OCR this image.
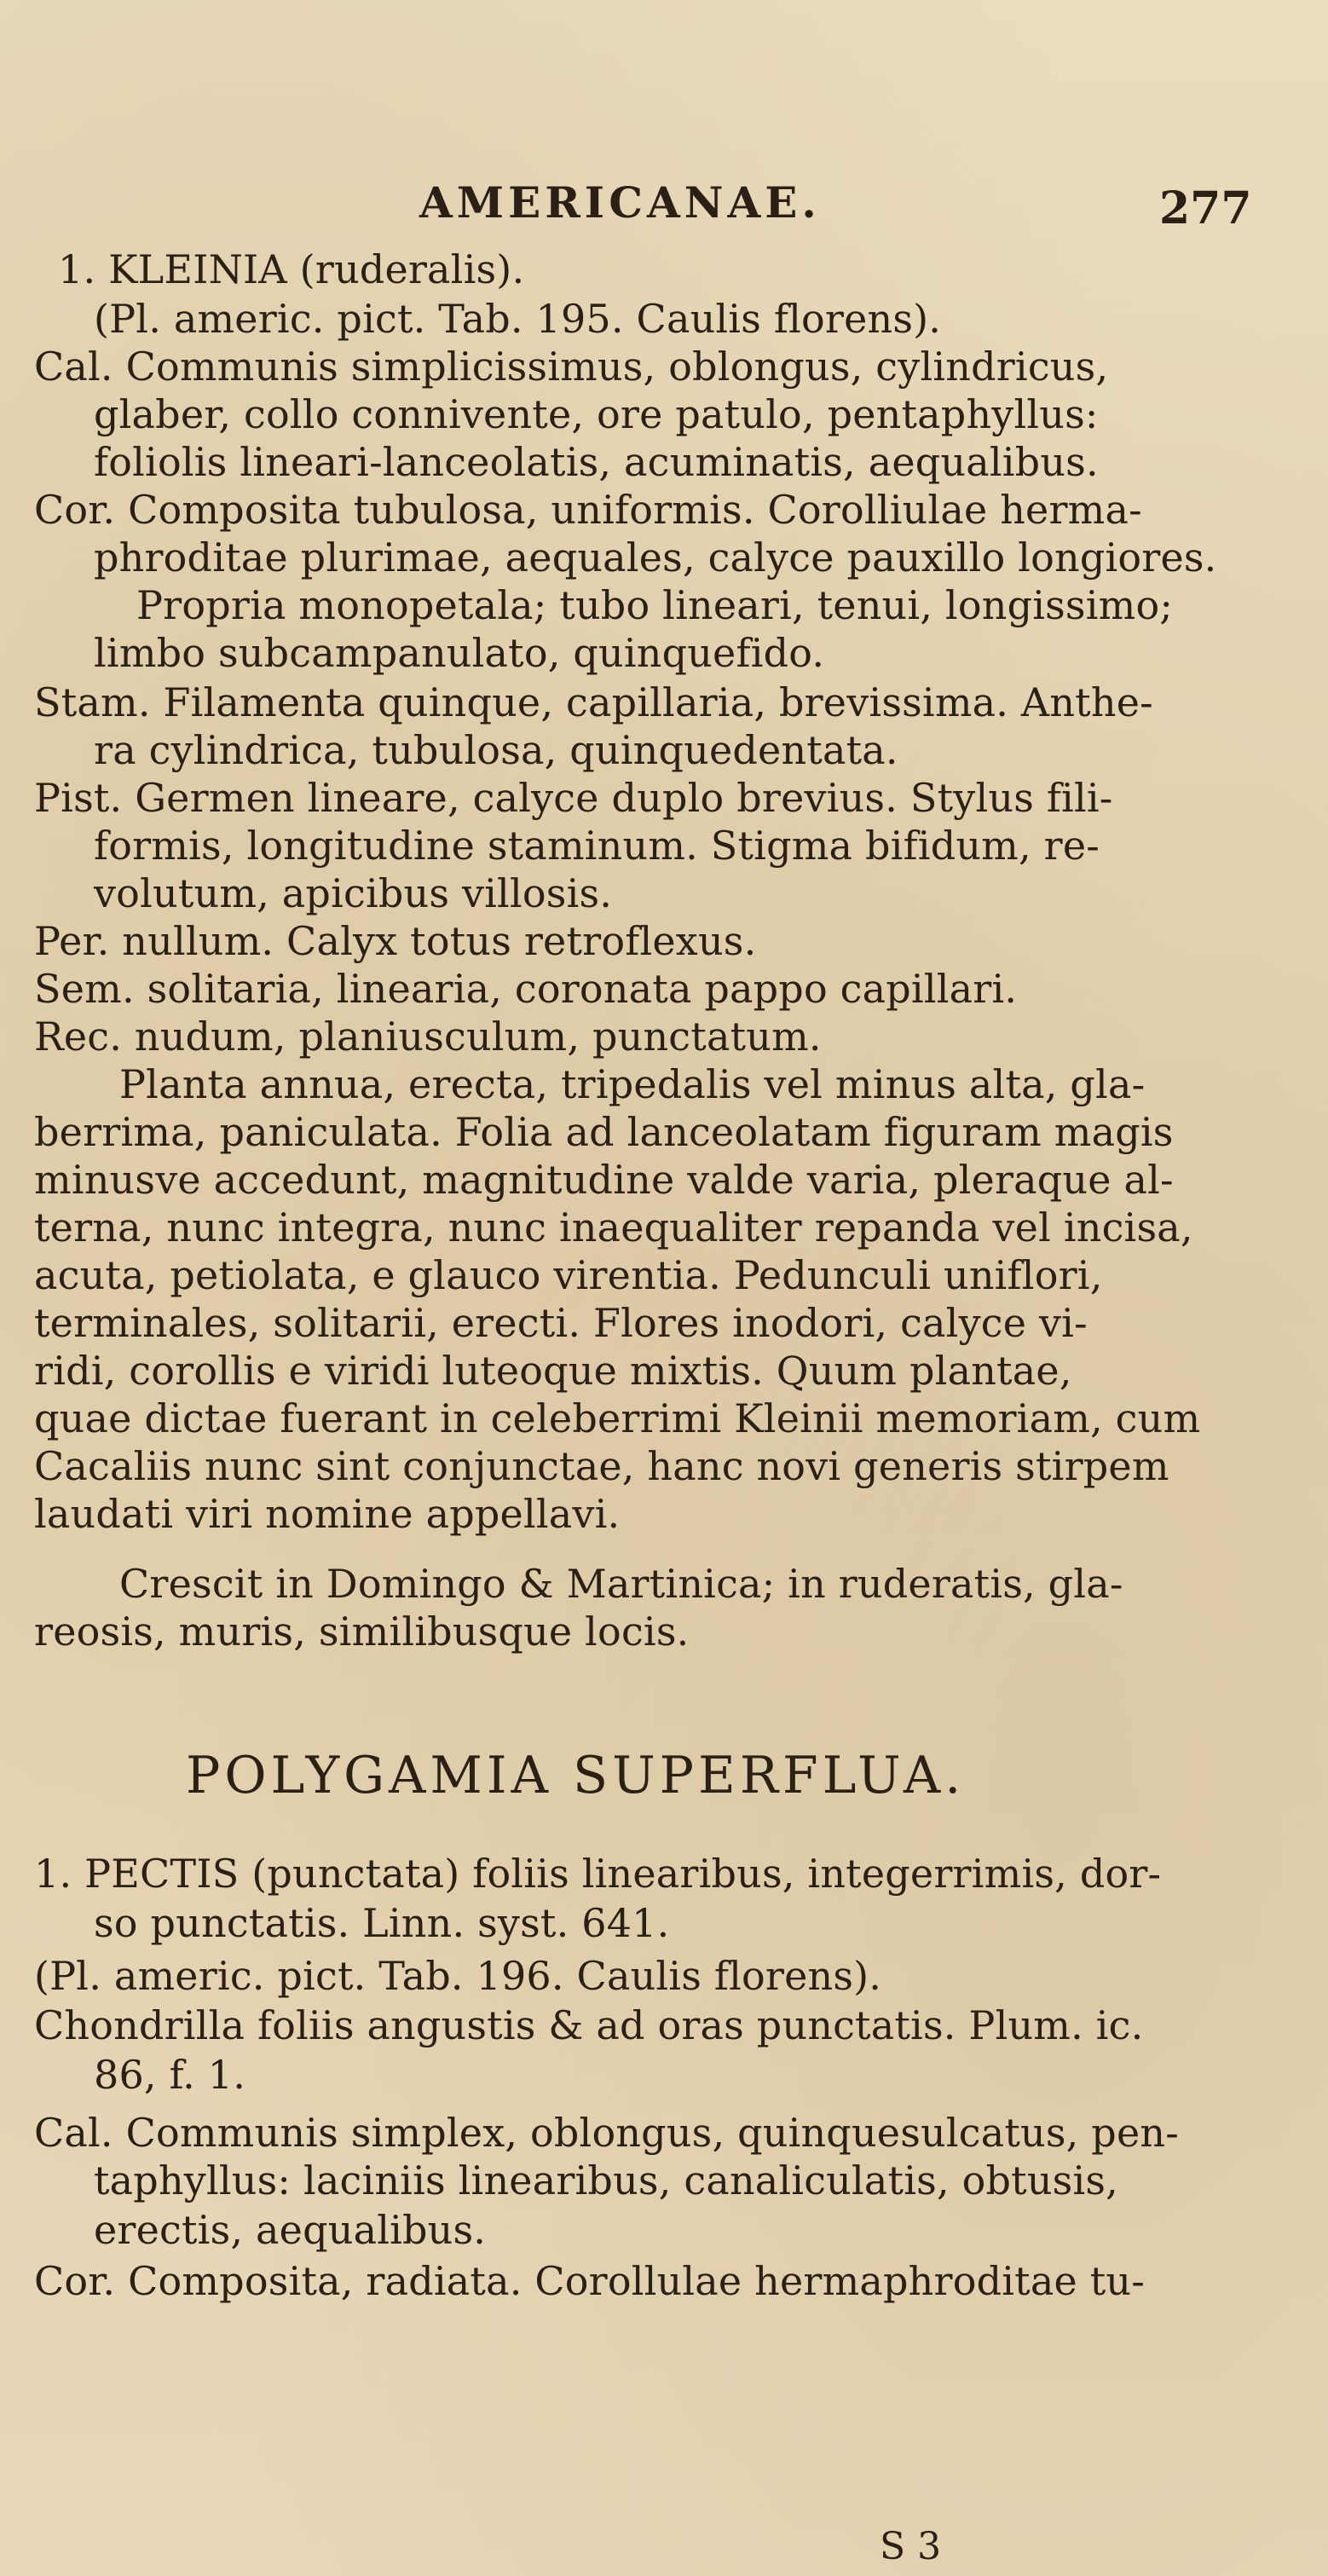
AMERICANAE.	277
1. KLEINIA (ruderalis).
(Pl. americ. pict. Tab. 195. Caulis florens).
Cal. Communis simplicissimus, oblongus, cylindricus,
glaber, collo connivente, ore patulo, pentaphyllus:
foliolis lineari-lanceolatis, acuminatis, aequalibus.
Cor. Composita tubulosa, uniformis. Corolliulae herma-
phroditae plurimae, aequales, calyce pauxillo longiores.
Propria monopetala; tubo lineari, tenui, longissimo;
limbo subcampanulato, quinquefido.
Stam. Filamenta quinque, capillaria, brevissima. Anthe-
ra cylindrica, tubulosa, quinquedentata.
Pist. Germen lineare, calyce duplo brevius. Stylus fili-
formis, longitudine staminum. Stigma bifidum, re-
volutum, apicibus villosis.
Per. nullum. Calyx totus retroflexus.
Sem. solitaria, linearia, coronata pappo capillari.
Rec. nudum, planiusculum, punctatum.
Planta annua, erecta, tripedalis vel minus alta, gla-
berrima, paniculata. Folia ad lanceolatam figuram magis
minusve accedunt, magnitudine valde varia, pleraque al-
terna, nunc integra, nunc inaequaliter repanda vel incisa,
acuta, petiolata, e glauco virentia. Pedunculi uniflori,
terminales, solitarii, erecti. Flores inodori, calyce vi-
ridi, corollis e viridi luteoque mixtis. Quum plantae,
quae dictae fuerant in celeberrimi Kleinii memoriam, cum
Cacaliis nunc sint conjunctae, hanc novi generis stirpem
laudati viri nomine appellavi.
Crescit in Domingo & Martinica; in ruderatis, gla-
reosis, muris, similibusque locis.
POLYGAMIA SUPERFLUA.
1. PECTIS (punctata) foliis linearibus, integerrimis, dor-
so punctatis. Linn. syst. 641.
(Pl. americ. pict. Tab. 196. Caulis florens).
Chondrilla foliis angustis & ad oras punctatis. Plum. ic.
86, f. 1.
Cal. Communis simplex, oblongus, quinquesulcatus, pen-
taphyllus: laciniis linearibus, canaliculatis, obtusis,
erectis, aequalibus.
Cor. Composita, radiata. Corollulae hermaphroditae tu-
S 3
